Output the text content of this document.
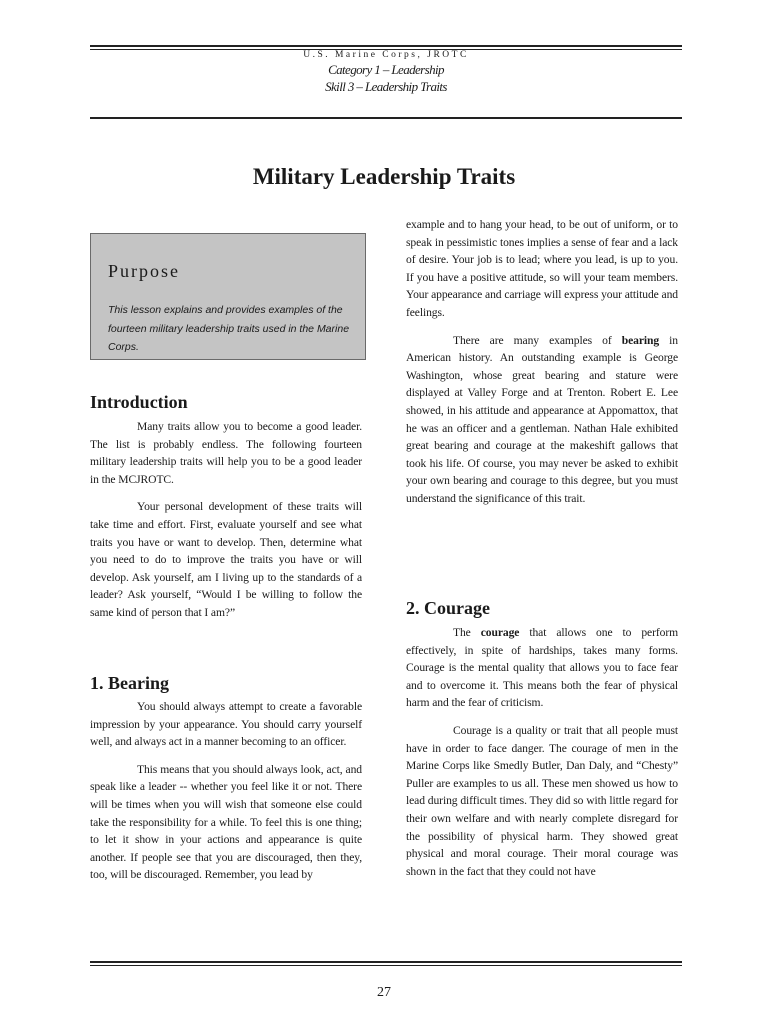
U.S. Marine Corps, JROTC
Category 1 – Leadership
Skill 3 – Leadership Traits
Military Leadership Traits
Purpose
This lesson explains and provides examples of the fourteen military leadership traits used in the Marine Corps.
Introduction

Many traits allow you to become a good leader. The list is probably endless. The following fourteen military leadership traits will help you to be a good leader in the MCJROTC.

Your personal development of these traits will take time and effort. First, evaluate yourself and see what traits you have or want to develop. Then, determine what you need to do to improve the traits you have or will develop. Ask yourself, am I living up to the standards of a leader? Ask yourself, “Would I be willing to follow the same kind of person that I am?”

1. Bearing

You should always attempt to create a favorable impression by your appearance. You should carry yourself well, and always act in a manner becoming to an officer.

This means that you should always look, act, and speak like a leader -- whether you feel like it or not. There will be times when you will wish that someone else could take the responsibility for a while. To feel this is one thing; to let it show in your actions and appearance is quite another. If people see that you are discouraged, then they, too, will be discouraged. Remember, you lead by

example and to hang your head, to be out of uniform, or to speak in pessimistic tones implies a sense of fear and a lack of desire. Your job is to lead; where you lead, is up to you. If you have a positive attitude, so will your team members. Your appearance and carriage will express your attitude and feelings.

There are many examples of bearing in American history. An outstanding example is George Washington, whose great bearing and stature were displayed at Valley Forge and at Trenton. Robert E. Lee showed, in his attitude and appearance at Appomattox, that he was an officer and a gentleman. Nathan Hale exhibited great bearing and courage at the makeshift gallows that took his life. Of course, you may never be asked to exhibit your own bearing and courage to this degree, but you must understand the significance of this trait.

2. Courage

The courage that allows one to perform effectively, in spite of hardships, takes many forms. Courage is the mental quality that allows you to face fear and to overcome it. This means both the fear of physical harm and the fear of criticism.

Courage is a quality or trait that all people must have in order to face danger. The courage of men in the Marine Corps like Smedly Butler, Dan Daly, and “Chesty” Puller are examples to us all. These men showed us how to lead during difficult times. They did so with little regard for their own welfare and with nearly complete disregard for the possibility of physical harm. They showed great physical and moral courage. Their moral courage was shown in the fact that they could not have

27
